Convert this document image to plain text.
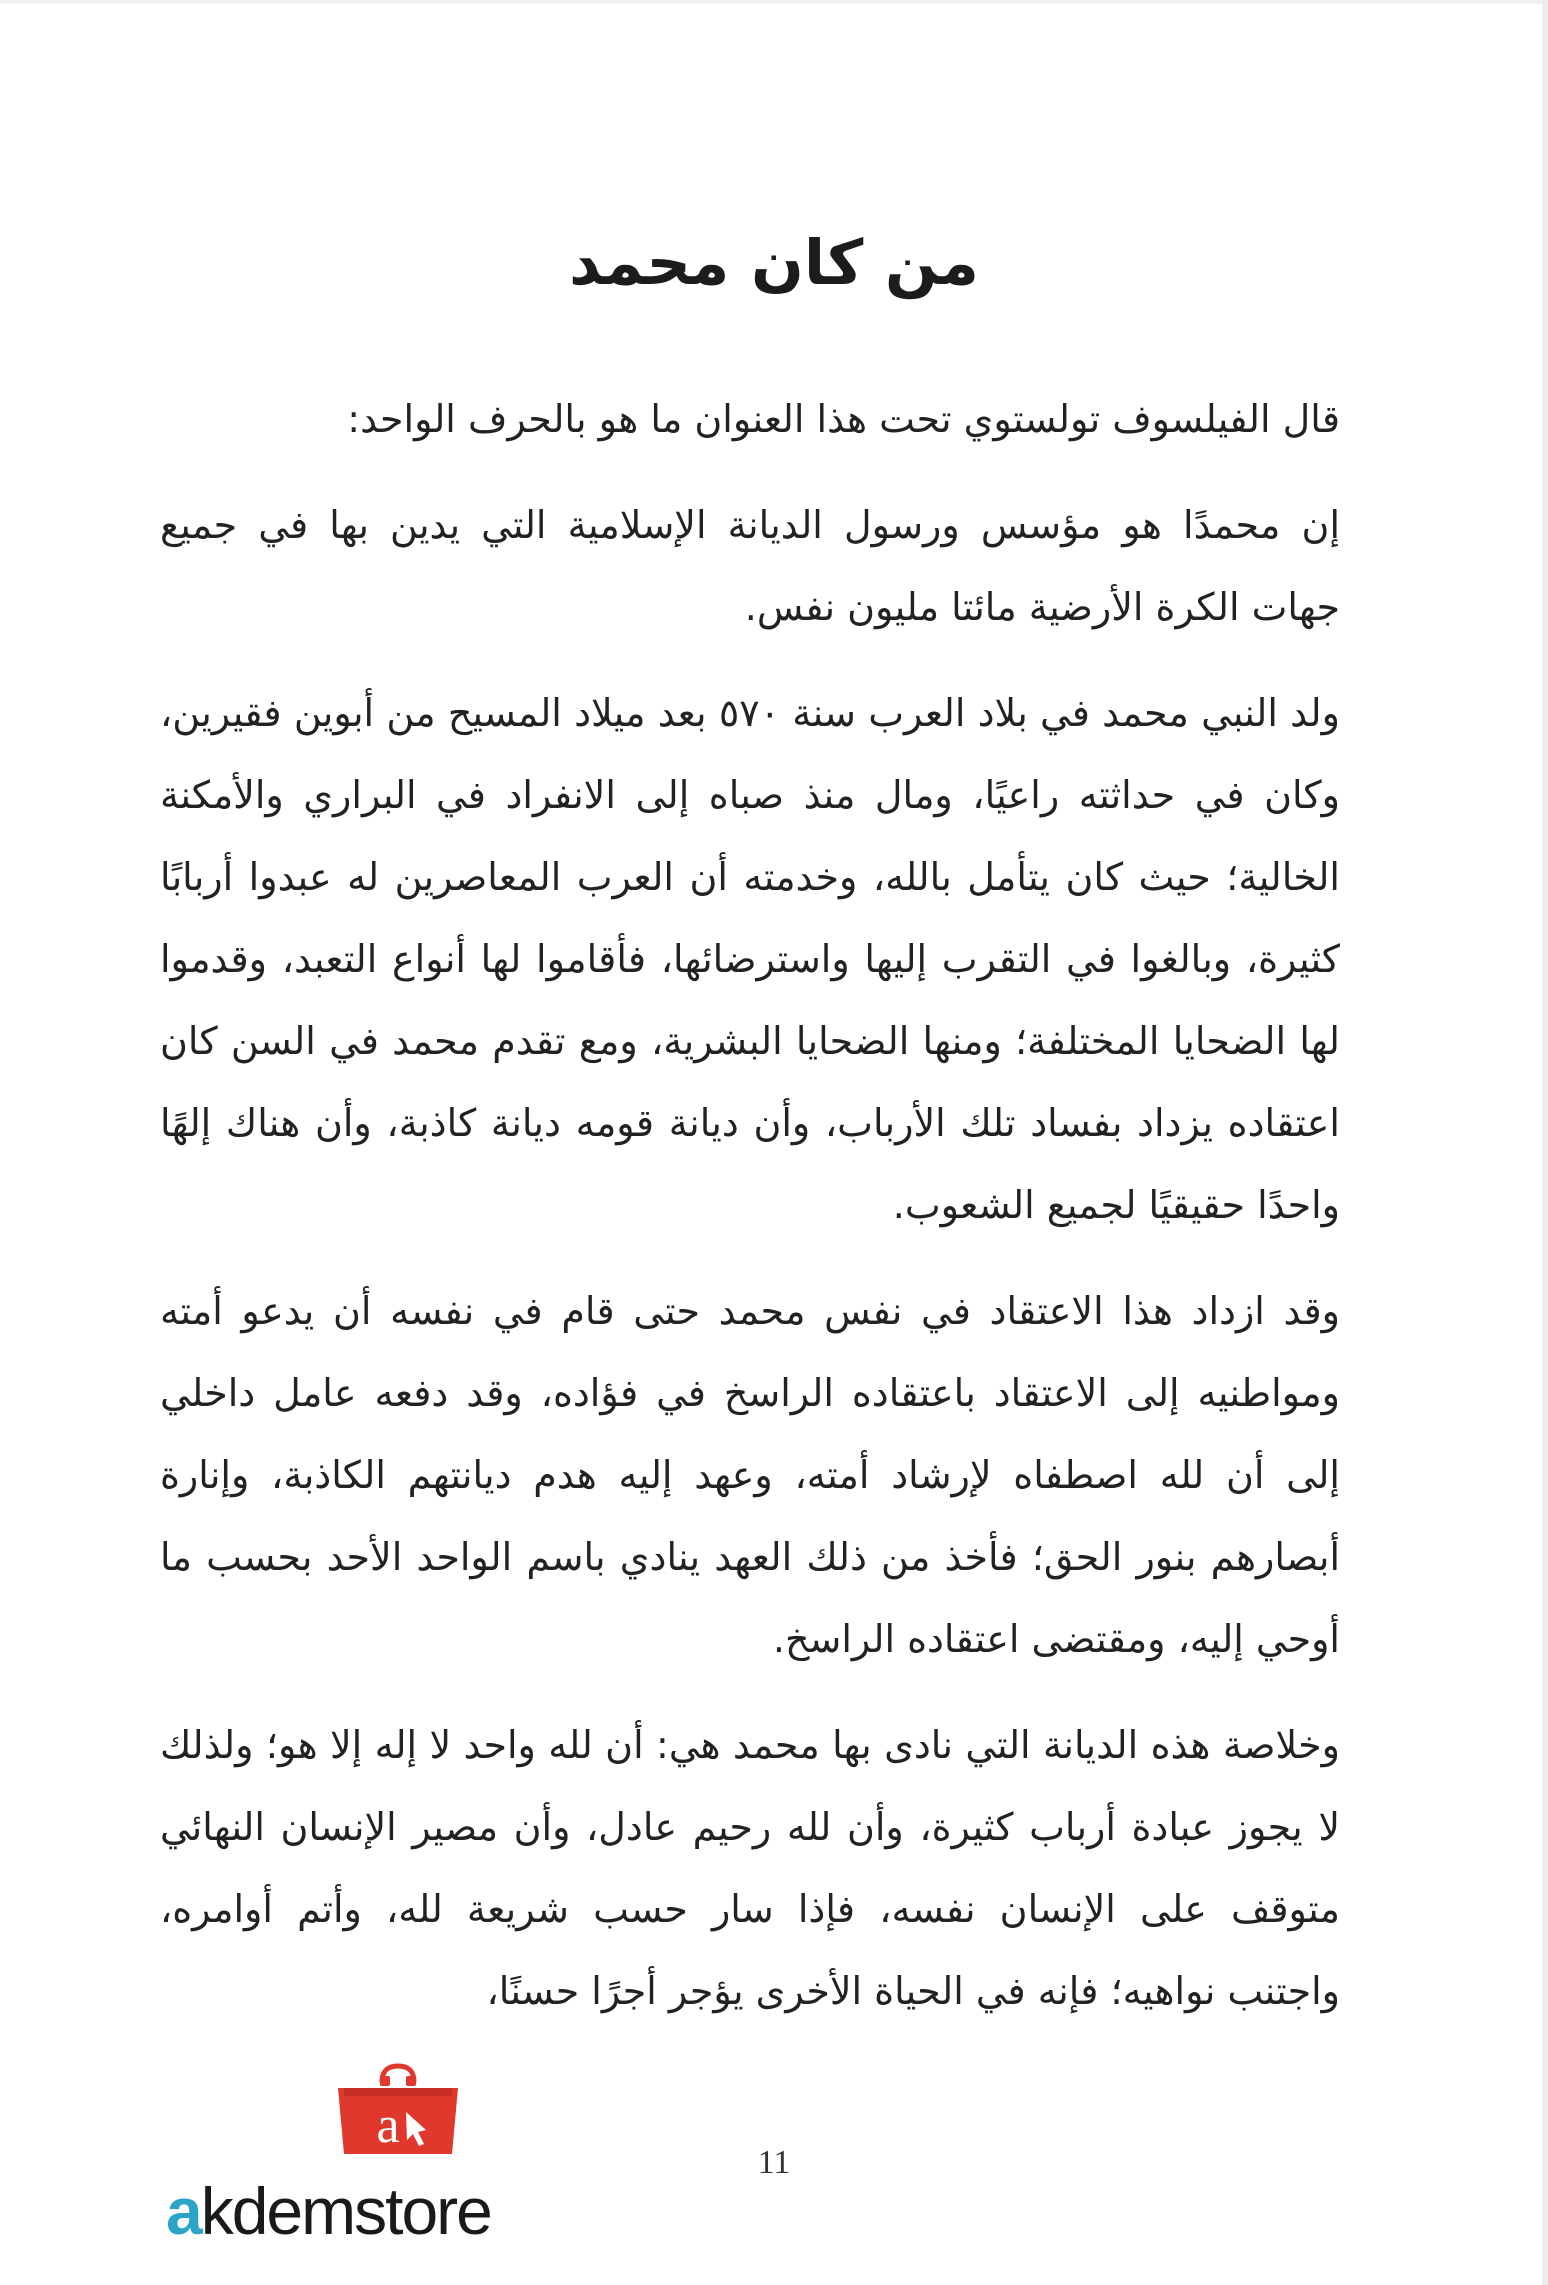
من كان محمد

قال الفيلسوف تولستوي تحت هذا العنوان ما هو بالحرف الواحد:

إن محمدًا هو مؤسس ورسول الديانة الإسلامية التي يدين بها في جميع جهات الكرة الأرضية مائتا مليون نفس.

ولد النبي محمد في بلاد العرب سنة ٥٧٠ بعد ميلاد المسيح من أبوين فقيرين، وكان في حداثته راعيًا، ومال منذ صباه إلى الانفراد في البراري والأمكنة الخالية؛ حيث كان يتأمل بالله، وخدمته أن العرب المعاصرين له عبدوا أربابًا كثيرة، وبالغوا في التقرب إليها واسترضائها، فأقاموا لها أنواع التعبد، وقدموا لها الضحايا المختلفة؛ ومنها الضحايا البشرية، ومع تقدم محمد في السن كان اعتقاده يزداد بفساد تلك الأرباب، وأن ديانة قومه ديانة كاذبة، وأن هناك إلهًا واحدًا حقيقيًا لجميع الشعوب.

وقد ازداد هذا الاعتقاد في نفس محمد حتى قام في نفسه أن يدعو أمته ومواطنيه إلى الاعتقاد باعتقاده الراسخ في فؤاده، وقد دفعه عامل داخلي إلى أن لله اصطفاه لإرشاد أمته، وعهد إليه هدم ديانتهم الكاذبة، وإنارة أبصارهم بنور الحق؛ فأخذ من ذلك العهد ينادي باسم الواحد الأحد بحسب ما أوحي إليه، ومقتضى اعتقاده الراسخ.

وخلاصة هذه الديانة التي نادى بها محمد هي: أن لله واحد لا إله إلا هو؛ ولذلك لا يجوز عبادة أرباب كثيرة، وأن لله رحيم عادل، وأن مصير الإنسان النهائي متوقف على الإنسان نفسه، فإذا سار حسب شريعة لله، وأتم أوامره، واجتنب نواهيه؛ فإنه في الحياة الأخرى يؤجر أجرًا حسنًا،

11
a
akdemstore
